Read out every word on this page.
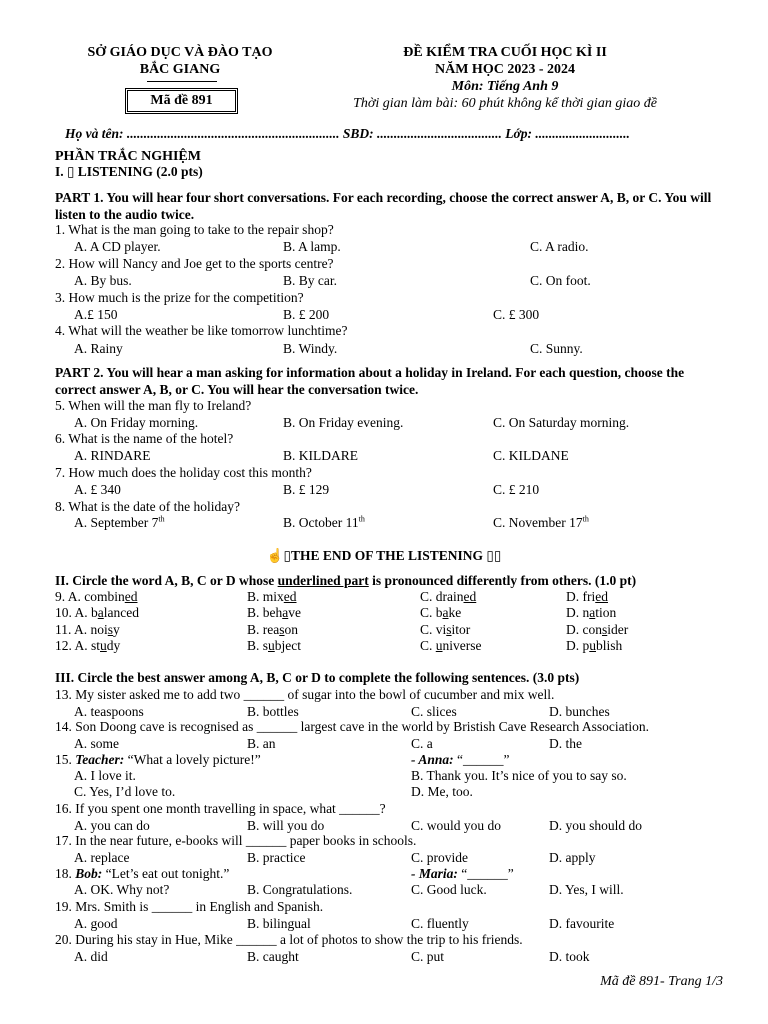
SỞ GIÁO DỤC VÀ ĐÀO TẠO
BẮC GIANG
Mã đề 891
ĐỀ KIỂM TRA CUỐI HỌC KÌ II
NĂM HỌC 2023 - 2024
Môn: Tiếng Anh 9
Thời gian làm bài: 60 phút không kể thời gian giao đề
Họ và tên: ............................................................... SBD: ..................................... Lớp: ............................
PHẦN TRẮC NGHIỆM
I. ▯ LISTENING (2.0 pts)
PART 1. You will hear four short conversations. For each recording, choose the correct answer A, B, or C. You will listen to the audio twice.
1. What is the man going to take to the repair shop?
A. A CD player.	B. A lamp.	C. A radio.
2. How will Nancy and Joe get to the sports centre?
A. By bus.	B. By car.	C. On foot.
3. How much is the prize for the competition?
A.£ 150	B. £ 200	C. £ 300
4. What will the weather be like tomorrow lunchtime?
A. Rainy	B. Windy.	C. Sunny.
PART 2. You will hear a man asking for information about a holiday in Ireland. For each question, choose the correct answer A, B, or C. You will hear the conversation twice.
5. When will the man fly to Ireland?
A. On Friday morning.	B. On Friday evening.	C. On Saturday morning.
6. What is the name of the hotel?
A. RINDARE	B. KILDARE	C. KILDANE
7. How much does the holiday cost this month?
A. £ 340	B. £ 129	C. £ 210
8. What is the date of the holiday?
A. September 7th	B. October 11th	C. November 17th
☝▯THE END OF THE LISTENING ▯▯
II. Circle the word A, B, C or D whose underlined part is pronounced differently from others. (1.0 pt)
9. A. combined	B. mixed	C. drained	D. fried
10. A. balanced	B. behave	C. bake	D. nation
11. A. noisy	B. reason	C. visitor	D. consider
12. A. study	B. subject	C. universe	D. publish
III. Circle the best answer among A, B, C or D to complete the following sentences. (3.0 pts)
13. My sister asked me to add two ______ of sugar into the bowl of cucumber and mix well.
A. teaspoons	B. bottles	C. slices	D. bunches
14. Son Doong cave is recognised as ______ largest cave in the world by Bristish Cave Research Association.
A. some	B. an	C. a	D. the
15. Teacher: “What a lovely picture!”	- Anna: “______”
A. I love it.	B. Thank you. It’s nice of you to say so.
C. Yes, I’d love to.	D. Me, too.
16. If you spent one month travelling in space, what ______?
A. you can do	B. will you do	C. would you do	D. you should do
17. In the near future, e-books will ______ paper books in schools.
A. replace	B. practice	C. provide	D. apply
18. Bob: “Let’s eat out tonight.”	- Maria: “______”
A. OK. Why not?	B. Congratulations.	C. Good luck.	D. Yes, I will.
19. Mrs. Smith is ______ in English and Spanish.
A. good	B. bilingual	C. fluently	D. favourite
20. During his stay in Hue, Mike ______ a lot of photos to show the trip to his friends.
A. did	B. caught	C. put	D. took
Mã đề 891- Trang 1/3
